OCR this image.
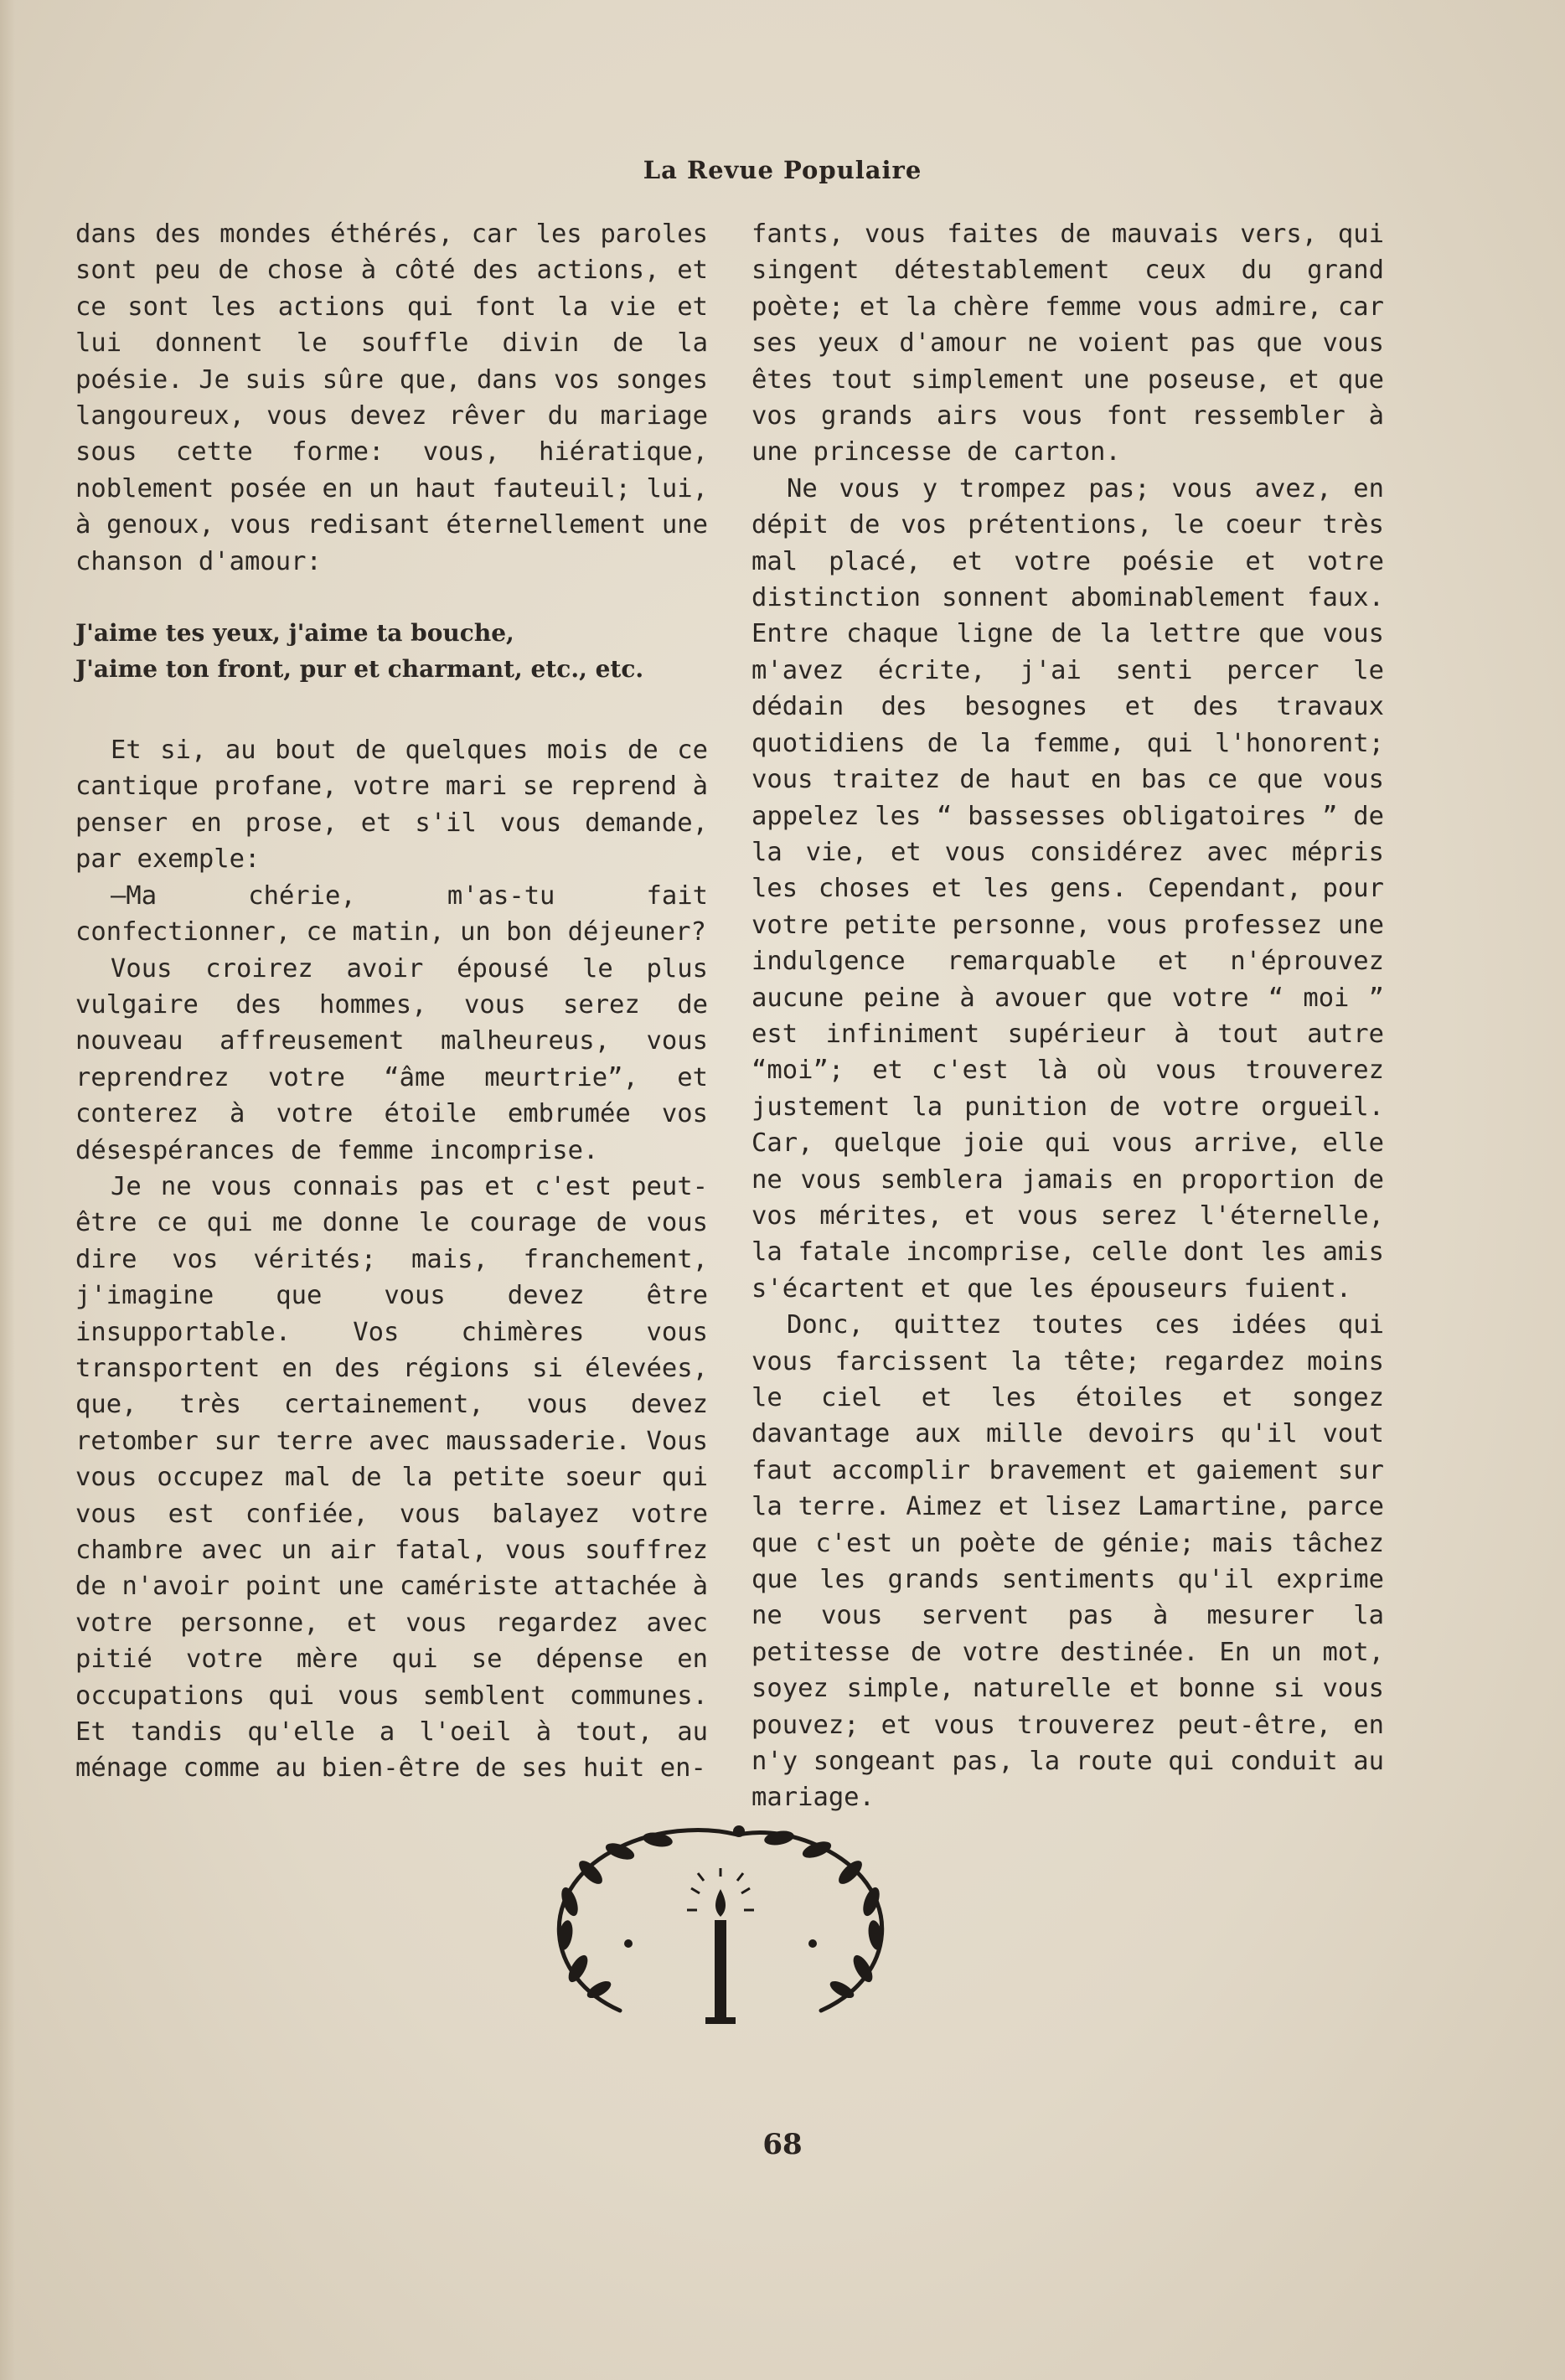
La Revue Populaire

dans des mondes éthérés, car les paroles sont peu de chose à côté des actions, et ce sont les actions qui font la vie et lui donnent le souffle divin de la poésie. Je suis sûre que, dans vos songes langoureux, vous devez rêver du mariage sous cette forme: vous, hiératique, noblement posée en un haut fauteuil; lui, à genoux, vous redisant éternellement une chanson d'amour:

J'aime tes yeux, j'aime ta bouche,
J'aime ton front, pur et charmant, etc., etc.

Et si, au bout de quelques mois de ce cantique profane, votre mari se reprend à penser en prose, et s'il vous demande, par exemple:

—Ma chérie, m'as-tu fait confectionner, ce matin, un bon déjeuner?

Vous croirez avoir épousé le plus vulgaire des hommes, vous serez de nouveau affreusement malheureus, vous reprendrez votre “âme meurtrie”, et conterez à votre étoile embrumée vos désespérances de femme incomprise.

Je ne vous connais pas et c'est peut-être ce qui me donne le courage de vous dire vos vérités; mais, franchement, j'imagine que vous devez être insupportable. Vos chimères vous transportent en des régions si élevées, que, très certainement, vous devez retomber sur terre avec maussaderie. Vous vous occupez mal de la petite soeur qui vous est confiée, vous balayez votre chambre avec un air fatal, vous souffrez de n'avoir point une caméristе attachée à votre personne, et vous regardez avec pitié votre mère qui se dépense en occupations qui vous semblent communes. Et tandis qu'elle a l'oeil à tout, au ménage comme au bien-être de ses huit en-

fants, vous faites de mauvais vers, qui singent détestablement ceux du grand poète; et la chère femme vous admire, car ses yeux d'amour ne voient pas que vous êtes tout simplement une poseuse, et que vos grands airs vous font ressembler à une princesse de carton.

Ne vous y trompez pas; vous avez, en dépit de vos prétentions, le coeur très mal placé, et votre poésie et votre distinction sonnent abominablement faux. Entre chaque ligne de la lettre que vous m'avez écrite, j'ai senti percer le dédain des besognes et des travaux quotidiens de la femme, qui l'honorent; vous traitez de haut en bas ce que vous appelez les “ bassesses obligatoires ” de la vie, et vous considérez avec mépris les choses et les gens. Cependant, pour votre petite personne, vous professez une indulgence remarquable et n'éprouvez aucune peine à avouer que votre “ moi ” est infiniment supérieur à tout autre “moi”; et c'est là où vous trouverez justement la punition de votre orgueil. Car, quelque joie qui vous arrive, elle ne vous semblera jamais en proportion de vos mérites, et vous serez l'éternelle, la fatale incomprise, celle dont les amis s'écartent et que les épouseurs fuient.

Donc, quittez toutes ces idées qui vous farcissent la tête; regardez moins le ciel et les étoiles et songez davantage aux mille devoirs qu'il vout faut accomplir bravement et gaiement sur la terre. Aimez et lisez Lamartine, parce que c'est un poète de génie; mais tâchez que les grands sentiments qu'il exprime ne vous servent pas à mesurer la petitesse de votre destinée. En un mot, soyez simple, naturelle et bonne si vous pouvez; et vous trouverez peut-être, en n'y songeant pas, la route qui conduit au mariage.

68
